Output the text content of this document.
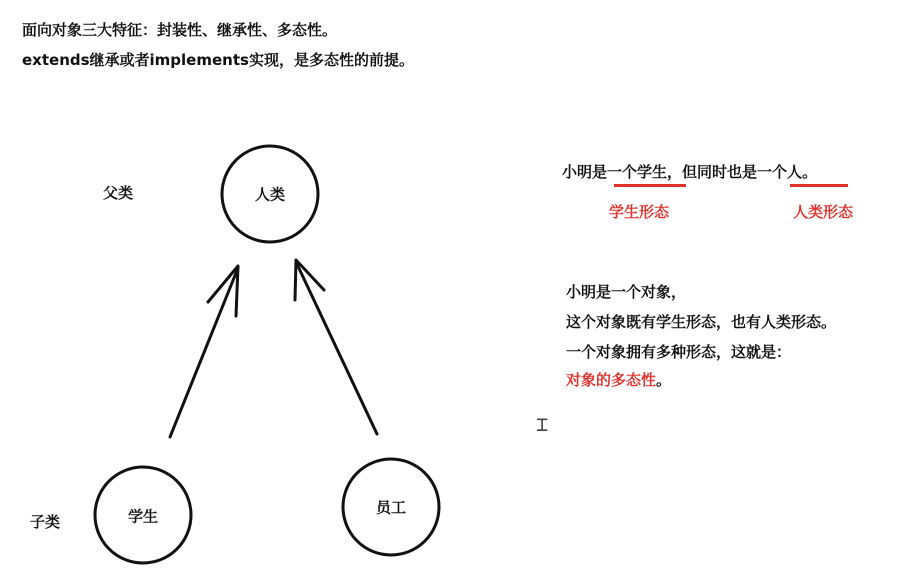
面向对象三大特征：封装性、继承性、多态性。
extends继承或者implements实现，是多态性的前提。
人类
学生	员工
父类
子类
小明是一个学生，但同时也是一个人。
学生形态	人类形态
小明是一个对象，
这个对象既有学生形态，也有人类形态。
一个对象拥有多种形态，这就是：
对象的多态性。
⌶
